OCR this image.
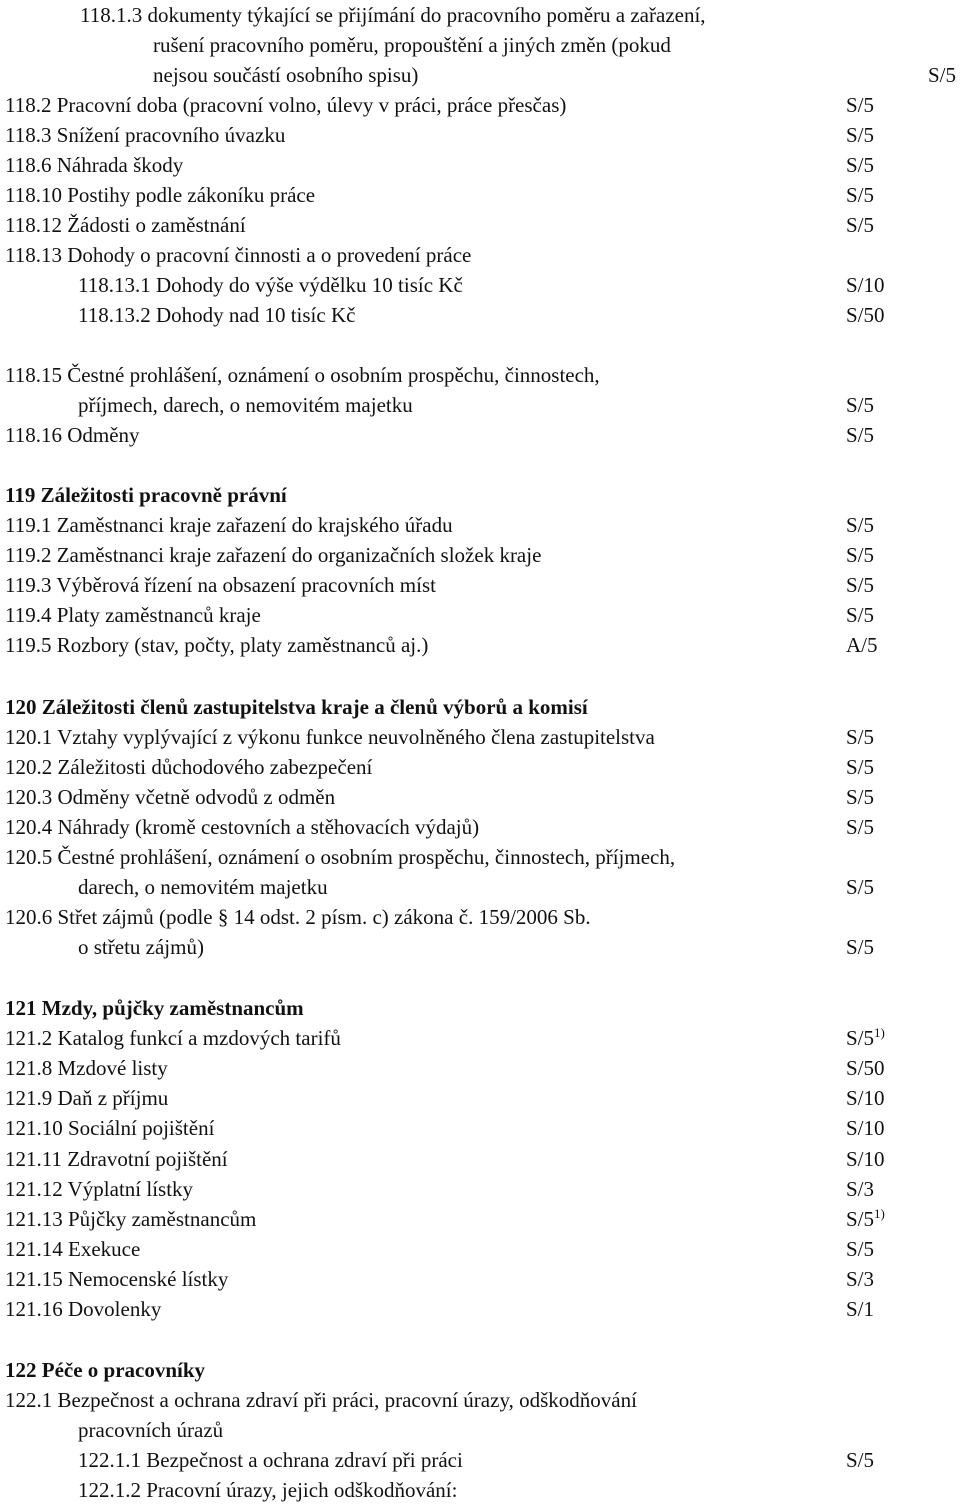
118.1.3 dokumenty týkající se přijímání do pracovního poměru a zařazení,
rušení pracovního poměru, propouštění a jiných změn (pokud
nejsou součástí osobního spisu)	S/5
118.2 Pracovní doba (pracovní volno, úlevy v práci, práce přesčas)	S/5
118.3 Snížení pracovního úvazku	S/5
118.6 Náhrada škody	S/5
118.10 Postihy podle zákoníku práce	S/5
118.12 Žádosti o zaměstnání	S/5
118.13 Dohody o pracovní činnosti a o provedení práce
118.13.1 Dohody do výše výdělku 10 tisíc Kč	S/10
118.13.2 Dohody nad 10 tisíc Kč	S/50
118.15 Čestné prohlášení, oznámení o osobním prospěchu, činnostech,
příjmech, darech, o nemovitém majetku	S/5
118.16 Odměny	S/5
119 Záležitosti pracovně právní
119.1 Zaměstnanci kraje zařazení do krajského úřadu	S/5
119.2 Zaměstnanci kraje zařazení do organizačních složek kraje	S/5
119.3 Výběrová řízení na obsazení pracovních míst	S/5
119.4 Platy zaměstnanců kraje	S/5
119.5 Rozbory (stav, počty, platy zaměstnanců aj.)	A/5
120 Záležitosti členů zastupitelstva kraje a členů výborů a komisí
120.1 Vztahy vyplývající z výkonu funkce neuvolněného člena zastupitelstva	S/5
120.2 Záležitosti důchodového zabezpečení	S/5
120.3 Odměny včetně odvodů z odměn	S/5
120.4 Náhrady (kromě cestovních a stěhovacích výdajů)	S/5
120.5 Čestné prohlášení, oznámení o osobním prospěchu, činnostech, příjmech,
darech, o nemovitém majetku	S/5
120.6 Střet zájmů (podle § 14 odst. 2 písm. c) zákona č. 159/2006 Sb.
o střetu zájmů)	S/5
121 Mzdy, půjčky zaměstnancům
121.2 Katalog funkcí a mzdových tarifů	S/5$^{1)}$
121.8 Mzdové listy	S/50
121.9 Daň z příjmu	S/10
121.10 Sociální pojištění	S/10
121.11 Zdravotní pojištění	S/10
121.12 Výplatní lístky	S/3
121.13 Půjčky zaměstnancům	S/5$^{1)}$
121.14 Exekuce	S/5
121.15 Nemocenské lístky	S/3
121.16 Dovolenky	S/1
122 Péče o pracovníky
122.1 Bezpečnost a ochrana zdraví při práci, pracovní úrazy, odškodňování
pracovních úrazů
122.1.1 Bezpečnost a ochrana zdraví při práci	S/5
122.1.2 Pracovní úrazy, jejich odškodňování:
